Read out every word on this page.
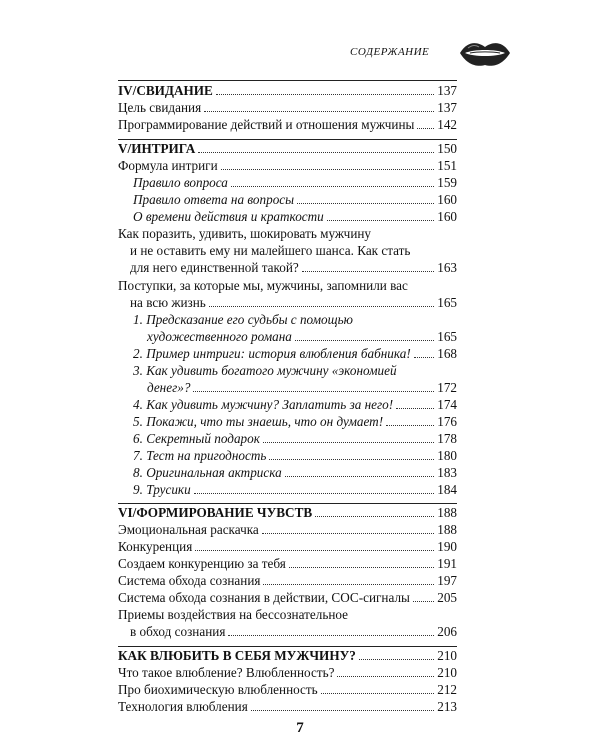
СОДЕРЖАНИЕ
IV/СВИДАНИЕ	137
Цель свидания	137
Программирование действий и отношения мужчины 142
V/ИНТРИГА	150
Формула интриги	151
Правило вопроса	159
Правило ответа на вопросы	160
О времени действия и краткости	160
Как поразить, удивить, шокировать мужчину
и не оставить ему ни малейшего шанса. Как стать
для него единственной такой?	163
Поступки, за которые мы, мужчины, запомнили вас
на всю жизнь	165
1. Предсказание его судьбы с помощью
художественного романа	165
2. Пример интриги: история влюбления бабника! 168
3. Как удивить богатого мужчину «экономией
денег»?	172
4. Как удивить мужчину? Заплатить за него!	174
5. Покажи, что ты знаешь, что он думает!	176
6. Секретный подарок	178
7. Тест на пригодность	180
8. Оригинальная актриска	183
9. Трусики	184
VI/ФОРМИРОВАНИЕ ЧУВСТВ	188
Эмоциональная раскачка	188
Конкуренция	190
Создаем конкуренцию за тебя	191
Система обхода сознания	197
Система обхода сознания в действии, СОС-сигналы 205
Приемы воздействия на бессознательное
в обход сознания	206
КАК ВЛЮБИТЬ В СЕБЯ МУЖЧИНУ?	210
Что такое влюбление? Влюбленность?	210
Про биохимическую влюбленность	212
Технология влюбления	213
7
